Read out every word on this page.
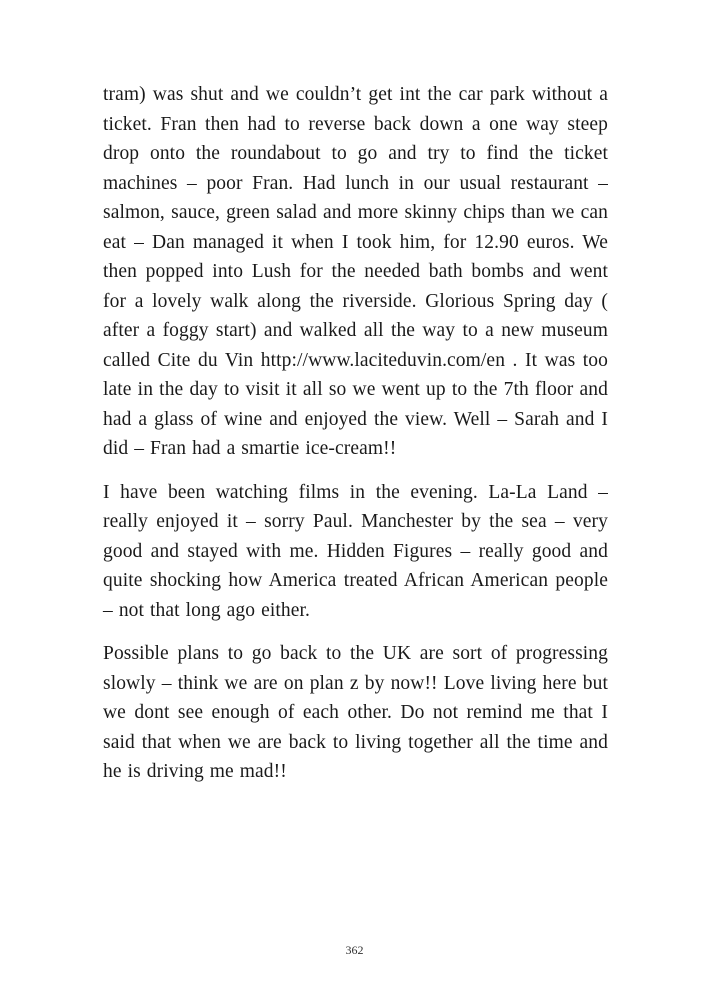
tram) was shut and we couldn’t get int the car park without a ticket. Fran then had to reverse back down a one way steep drop onto the roundabout to go and try to find the ticket machines – poor Fran. Had lunch in our usual restaurant – salmon, sauce, green salad and more skinny chips than we can eat – Dan managed it when I took him, for 12.90 euros. We then popped into Lush for the needed bath bombs and went for a lovely walk along the riverside. Glorious Spring day ( after a foggy start) and walked all the way to a new museum called Cite du Vin http://www.laciteduvin.com/en . It was too late in the day to visit it all so we went up to the 7th floor and had a glass of wine and enjoyed the view. Well – Sarah and I did – Fran had a smartie ice-cream!!

I have been watching films in the evening. La-La Land – really enjoyed it – sorry Paul. Manchester by the sea – very good and stayed with me. Hidden Figures – really good and quite shocking how America treated African American people – not that long ago either.

Possible plans to go back to the UK are sort of progressing slowly – think we are on plan z by now!! Love living here but we dont see enough of each other. Do not remind me that I said that when we are back to living together all the time and he is driving me mad!!

362
